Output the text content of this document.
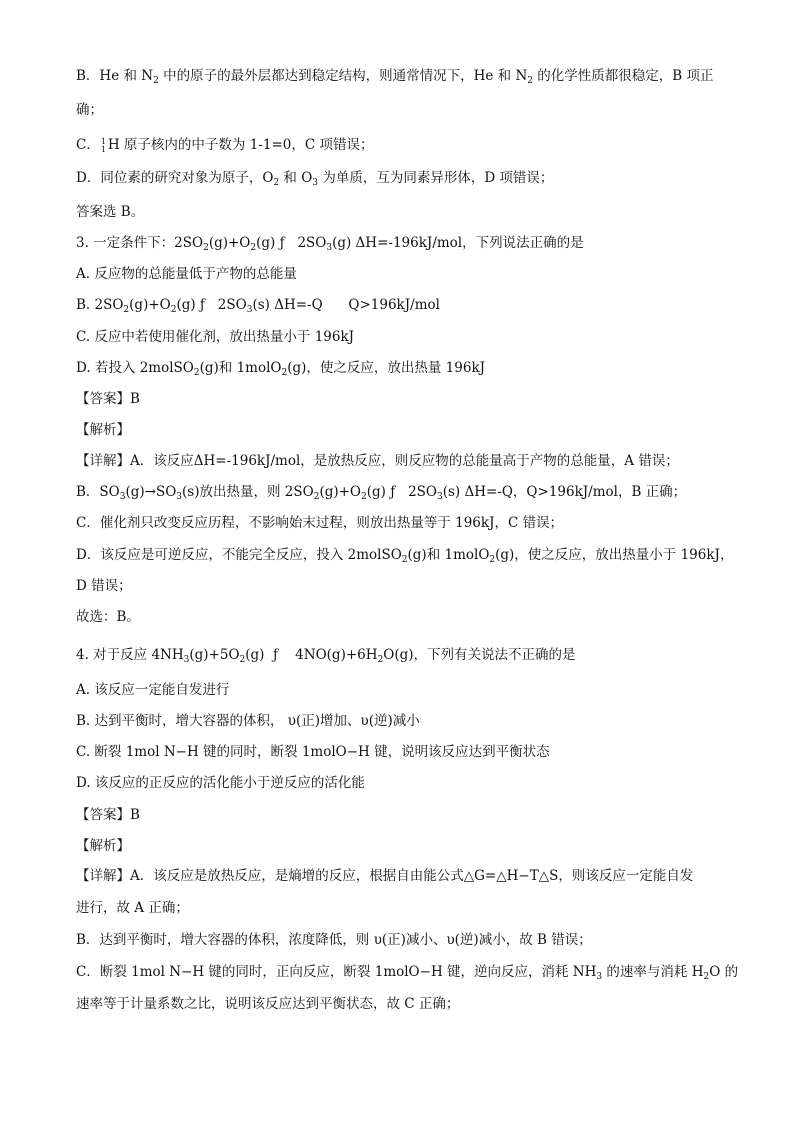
B．He 和 $N_2$ 中的原子的最外层都达到稳定结构，则通常情况下，He 和 $N_2$ 的化学性质都很稳定，B 项正
确；
C． 1
1 H 原子核内的中子数为 1-1=0，C 项错误；
D．同位素的研究对象为原子，$O_2$ 和 $O_3$ 为单质，互为同素异形体，D 项错误；
答案选 B。
3. 一定条件下：$2SO_2(g)+O_2(g)$ ƒ   $2SO_3(g)$ ΔH=-196kJ/mol，下列说法正确的是
A. 反应物的总能量低于产物的总能量
B. $2SO_2(g)+O_2(g)$ ƒ   $2SO_3(s)$ ΔH=-Q      Q>196kJ/mol
C. 反应中若使用催化剂，放出热量小于 196kJ
D. 若投入 2molSO$_2$(g)和 1molO$_2$(g)，使之反应，放出热量 196kJ
【答案】B
【解析】
【详解】A．该反应ΔH=-196kJ/mol，是放热反应，则反应物的总能量高于产物的总能量，A 错误；
B．$SO_3(g)\to SO_3(s)$放出热量，则 $2SO_2(g)+O_2(g)$ ƒ   $2SO_3(s)$ ΔH=-Q，Q>196kJ/mol，B 正确；
C．催化剂只改变反应历程，不影响始末过程，则放出热量等于 196kJ，C 错误；
D．该反应是可逆反应，不能完全反应，投入 2molSO$_2$(g)和 1molO$_2$(g)，使之反应，放出热量小于 196kJ，
D 错误；
故选：B。
4. 对于反应 $4NH_3(g)+5O_2(g)$  ƒ    $4NO(g)+6H_2O(g)$，下列有关说法不正确的是
A. 该反应一定能自发进行
B. 达到平衡时，增大容器的体积， υ(正)增加、υ(逆)减小
C. 断裂 1mol N−H 键的同时，断裂 1molO−H 键，说明该反应达到平衡状态
D. 该反应的正反应的活化能小于逆反应的活化能
【答案】B
【解析】
【详解】A．该反应是放热反应，是熵增的反应，根据自由能公式△G=△H−T△S，则该反应一定能自发
进行，故 A 正确；
B．达到平衡时，增大容器的体积，浓度降低，则 υ(正)减小、υ(逆)减小，故 B 错误；
C．断裂 1mol N−H 键的同时，正向反应，断裂 1molO−H 键，逆向反应，消耗 $NH_3$ 的速率与消耗 $H_2O$ 的
速率等于计量系数之比，说明该反应达到平衡状态，故 C 正确；
